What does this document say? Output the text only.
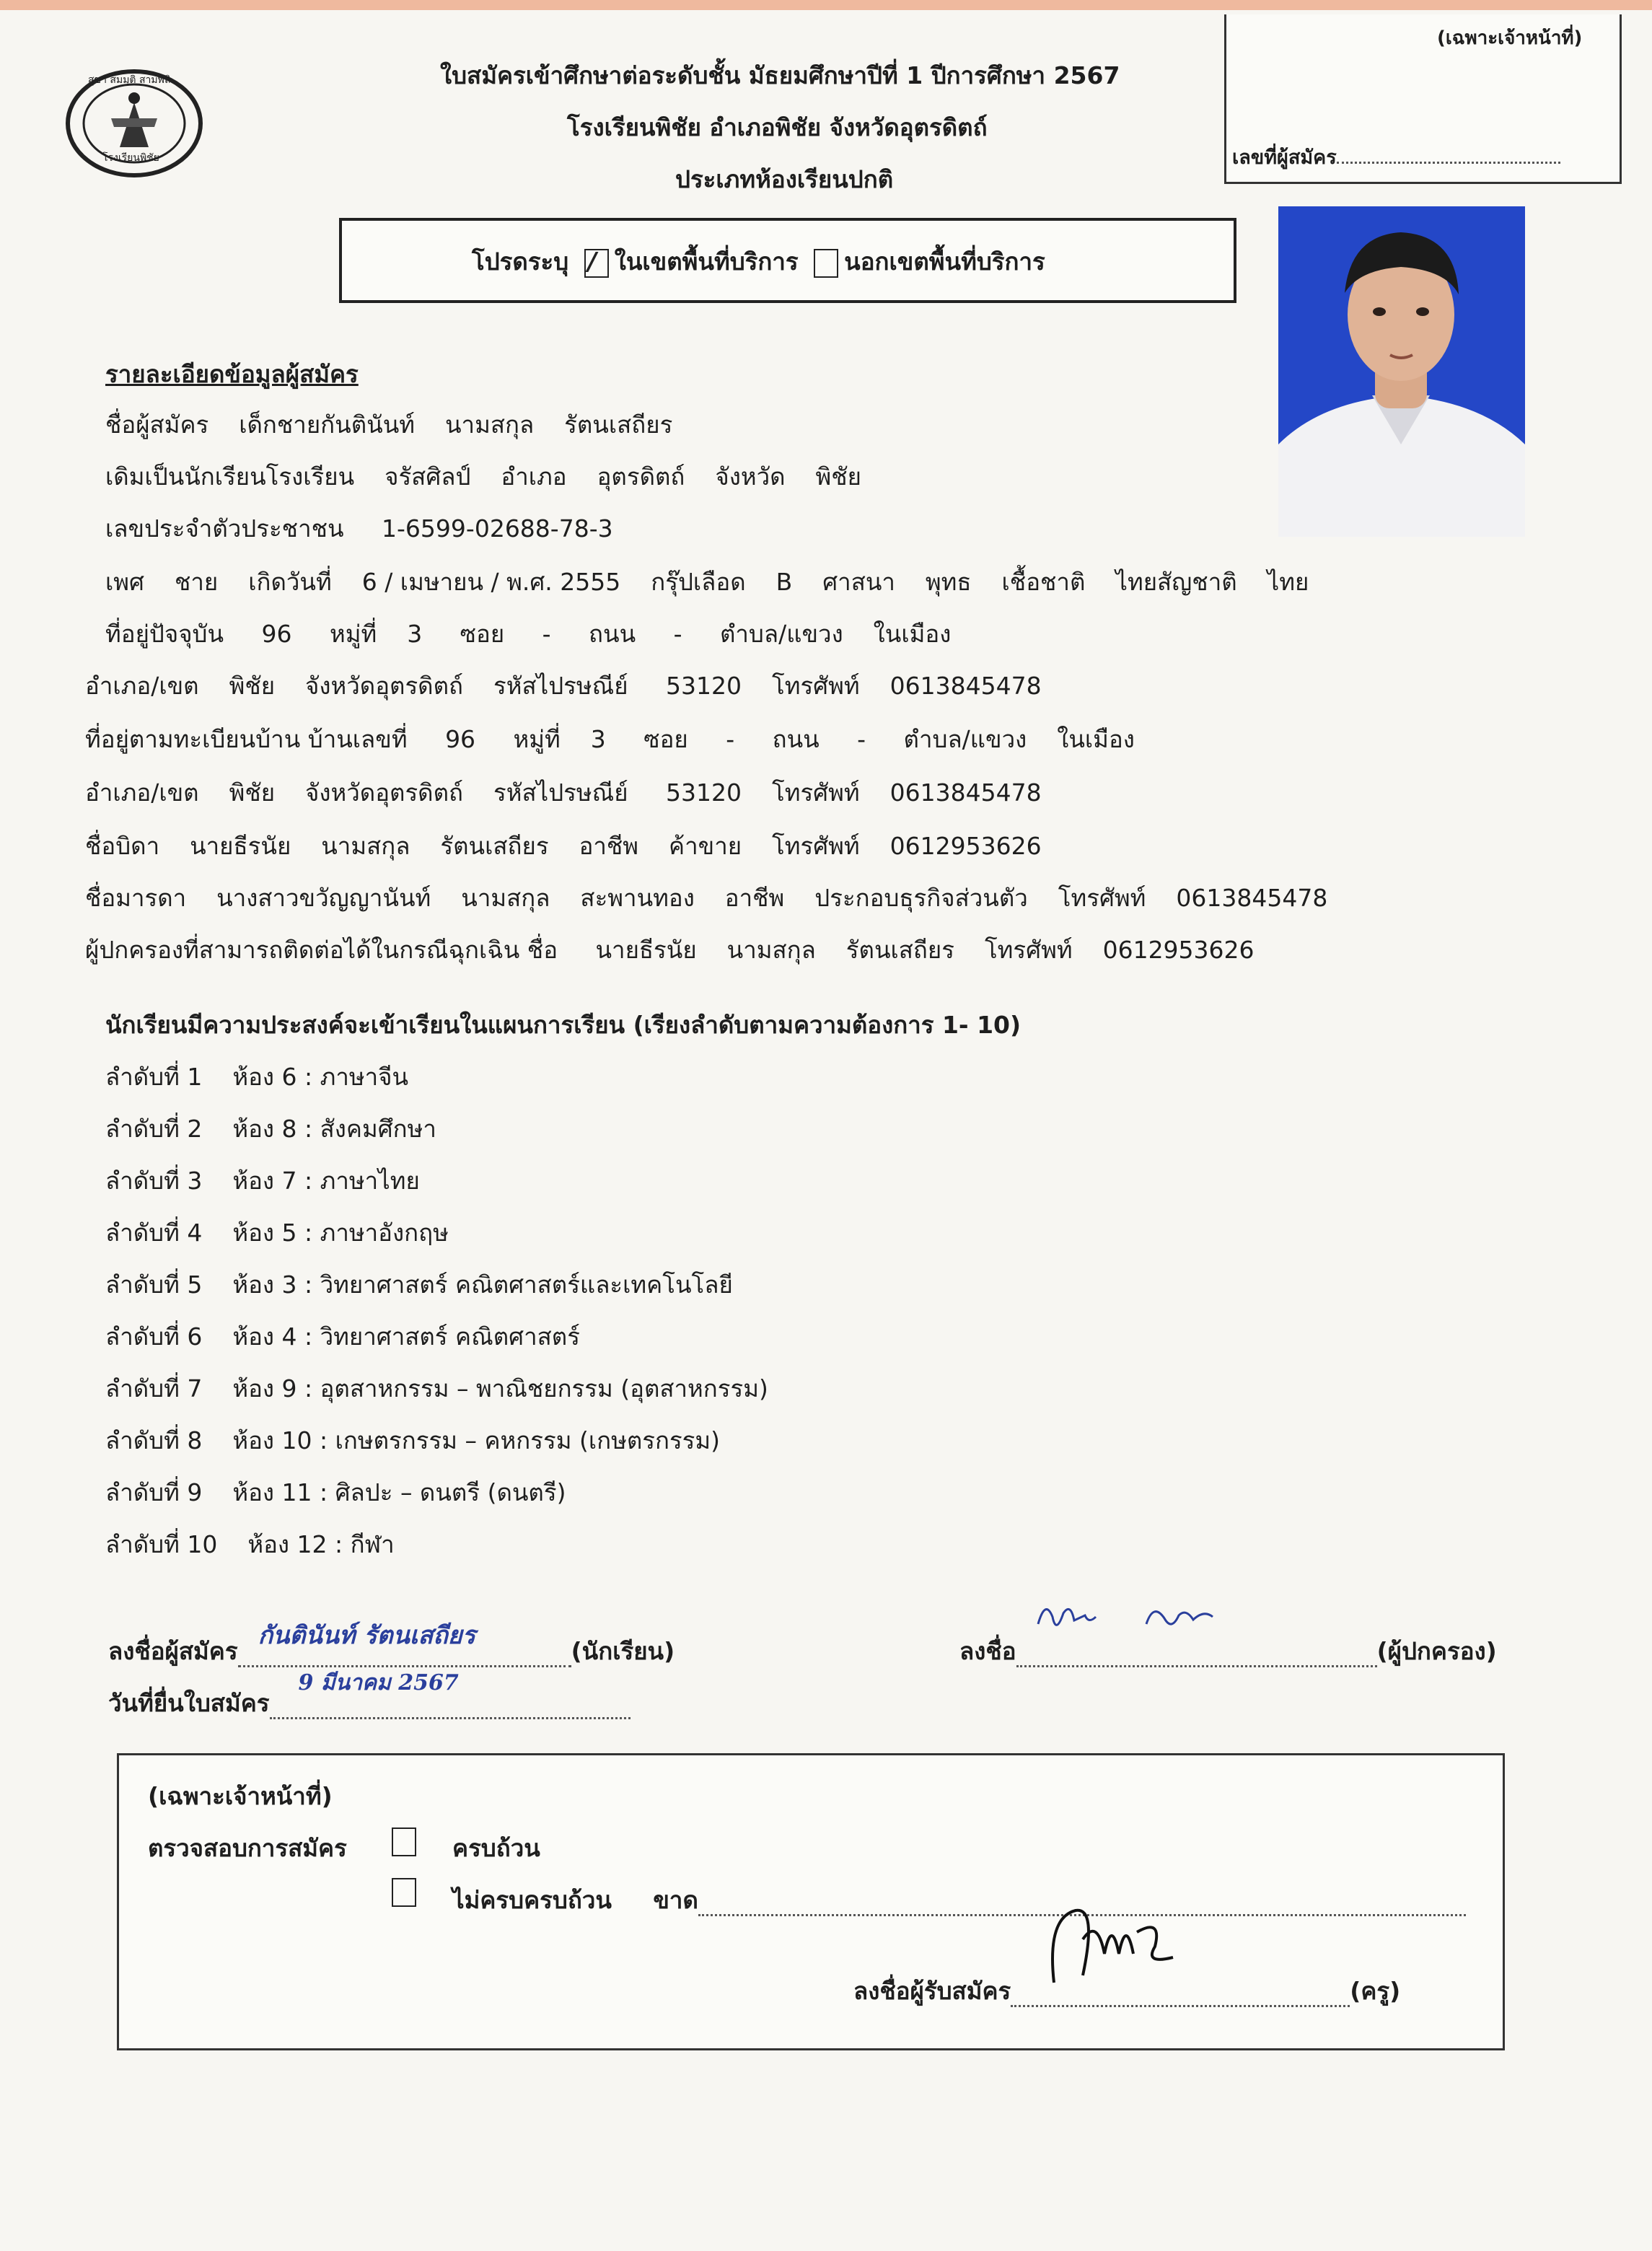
สุขา สมมุติ สามพลิ
โรงเรียนพิชัย
ใบสมัครเข้าศึกษาต่อระดับชั้น มัธยมศึกษาปีที่ 1 ปีการศึกษา 2567
โรงเรียนพิชัย อำเภอพิชัย จังหวัดอุตรดิตถ์
ประเภทห้องเรียนปกติ
(เฉพาะเจ้าหน้าที่)
เลขที่ผู้สมัคร
โปรดระบุ / ในเขตพื้นที่บริการ นอกเขตพื้นที่บริการ
รายละเอียดข้อมูลผู้สมัคร
ชื่อผู้สมัคร เด็กชายกันตินันท์ นามสกุล รัตนเสถียร
เดิมเป็นนักเรียนโรงเรียน จรัสศิลป์ อำเภอ อุตรดิตถ์ จังหวัด พิชัย
เลขประจำตัวประชาชน 1-6599-02688-78-3
เพศ ชาย เกิดวันที่ 6 / เมษายน / พ.ศ. 2555 กรุ๊ปเลือด B ศาสนา พุทธ เชื้อชาติ ไทยสัญชาติ ไทย
ที่อยู่ปัจจุบัน 96 หมู่ที่ 3 ซอย - ถนน - ตำบล/แขวง ในเมือง
อำเภอ/เขต พิชัย จังหวัดอุตรดิตถ์ รหัสไปรษณีย์ 53120 โทรศัพท์ 0613845478
ที่อยู่ตามทะเบียนบ้าน บ้านเลขที่ 96 หมู่ที่ 3 ซอย - ถนน - ตำบล/แขวง ในเมือง
อำเภอ/เขต พิชัย จังหวัดอุตรดิตถ์ รหัสไปรษณีย์ 53120 โทรศัพท์ 0613845478
ชื่อบิดา นายธีรนัย นามสกุล รัตนเสถียร อาชีพ ค้าขาย โทรศัพท์ 0612953626
ชื่อมารดา นางสาวขวัญญานันท์ นามสกุล สะพานทอง อาชีพ ประกอบธุรกิจส่วนตัว โทรศัพท์ 0613845478
ผู้ปกครองที่สามารถติดต่อได้ในกรณีฉุกเฉิน ชื่อ นายธีรนัย นามสกุล รัตนเสถียร โทรศัพท์ 0612953626
นักเรียนมีความประสงค์จะเข้าเรียนในแผนการเรียน (เรียงลำดับตามความต้องการ 1- 10)
ลำดับที่ 1 ห้อง 6 : ภาษาจีน
ลำดับที่ 2 ห้อง 8 : สังคมศึกษา
ลำดับที่ 3 ห้อง 7 : ภาษาไทย
ลำดับที่ 4 ห้อง 5 : ภาษาอังกฤษ
ลำดับที่ 5 ห้อง 3 : วิทยาศาสตร์ คณิตศาสตร์และเทคโนโลยี
ลำดับที่ 6 ห้อง 4 : วิทยาศาสตร์ คณิตศาสตร์
ลำดับที่ 7 ห้อง 9 : อุตสาหกรรม – พาณิชยกรรม (อุตสาหกรรม)
ลำดับที่ 8 ห้อง 10 : เกษตรกรรม – คหกรรม (เกษตรกรรม)
ลำดับที่ 9 ห้อง 11 : ศิลปะ – ดนตรี (ดนตรี)
ลำดับที่ 10 ห้อง 12 : กีฬา
ลงชื่อผู้สมัคร
กันตินันท์ รัตนเสถียร
(นักเรียน)
วันที่ยื่นใบสมัคร
9 มีนาคม 2567

ลงชื่อ	(ผู้ปกครอง)
(เฉพาะเจ้าหน้าที่)
ตรวจสอบการสมัคร	ครบถ้วน
ไม่ครบครบถ้วน ขาด
ลงชื่อผู้รับสมัคร	(ครู)
